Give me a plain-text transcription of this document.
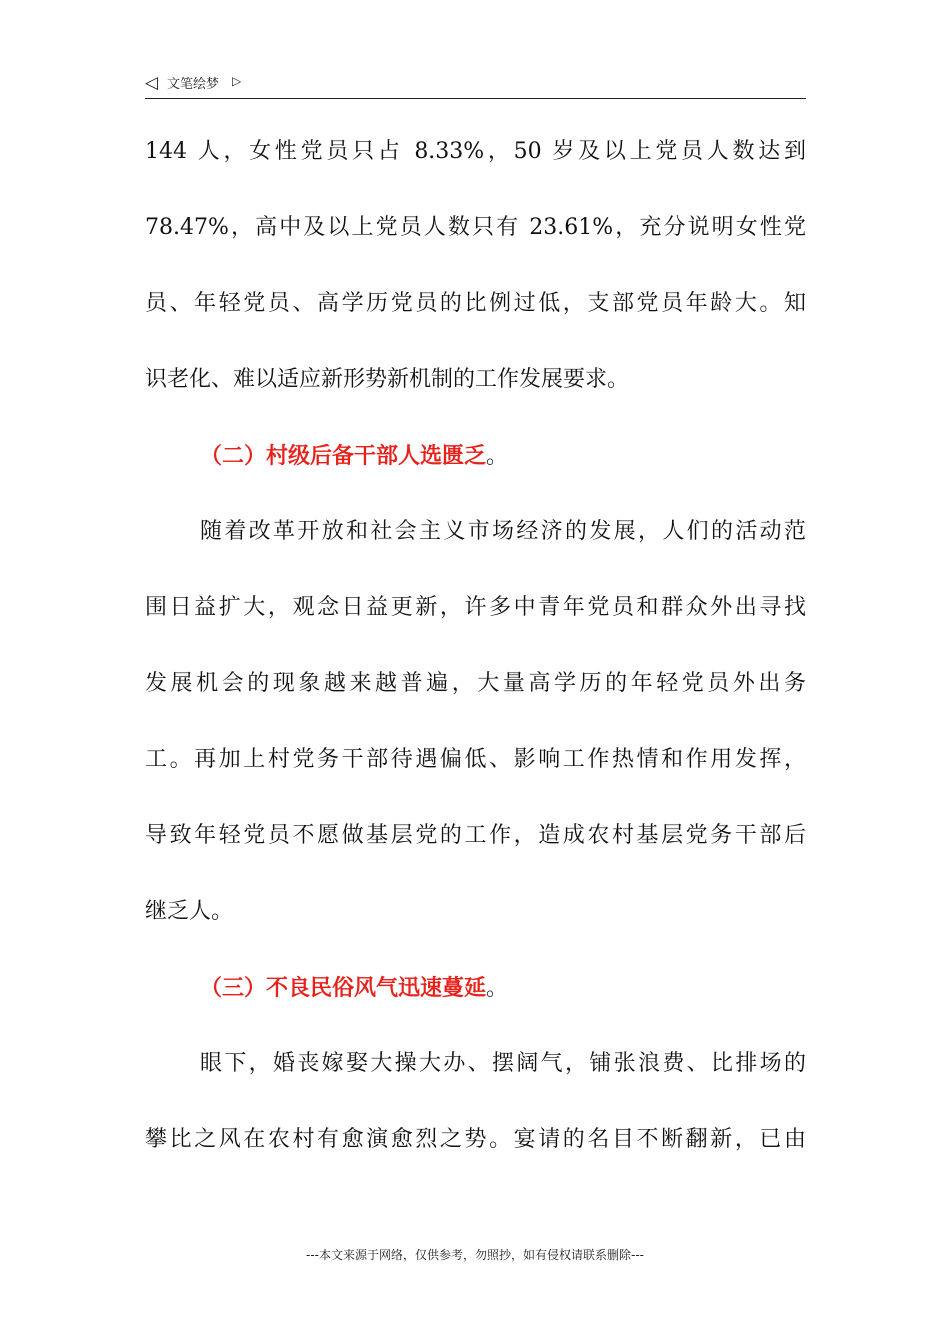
◁ 文笔绘梦 ▷
144 人，女性党员只占 8.33%，50 岁及以上党员人数达到
78.47%，高中及以上党员人数只有 23.61%，充分说明女性党
员、年轻党员、高学历党员的比例过低，支部党员年龄大。知
识老化、难以适应新形势新机制的工作发展要求。
（二）村级后备干部人选匮乏。
随着改革开放和社会主义市场经济的发展，人们的活动范
围日益扩大，观念日益更新，许多中青年党员和群众外出寻找
发展机会的现象越来越普遍，大量高学历的年轻党员外出务
工。再加上村党务干部待遇偏低、影响工作热情和作用发挥，
导致年轻党员不愿做基层党的工作，造成农村基层党务干部后
继乏人。
（三）不良民俗风气迅速蔓延。
眼下，婚丧嫁娶大操大办、摆阔气，铺张浪费、比排场的
攀比之风在农村有愈演愈烈之势。宴请的名目不断翻新，已由
---本文来源于网络，仅供参考，勿照抄，如有侵权请联系删除---
